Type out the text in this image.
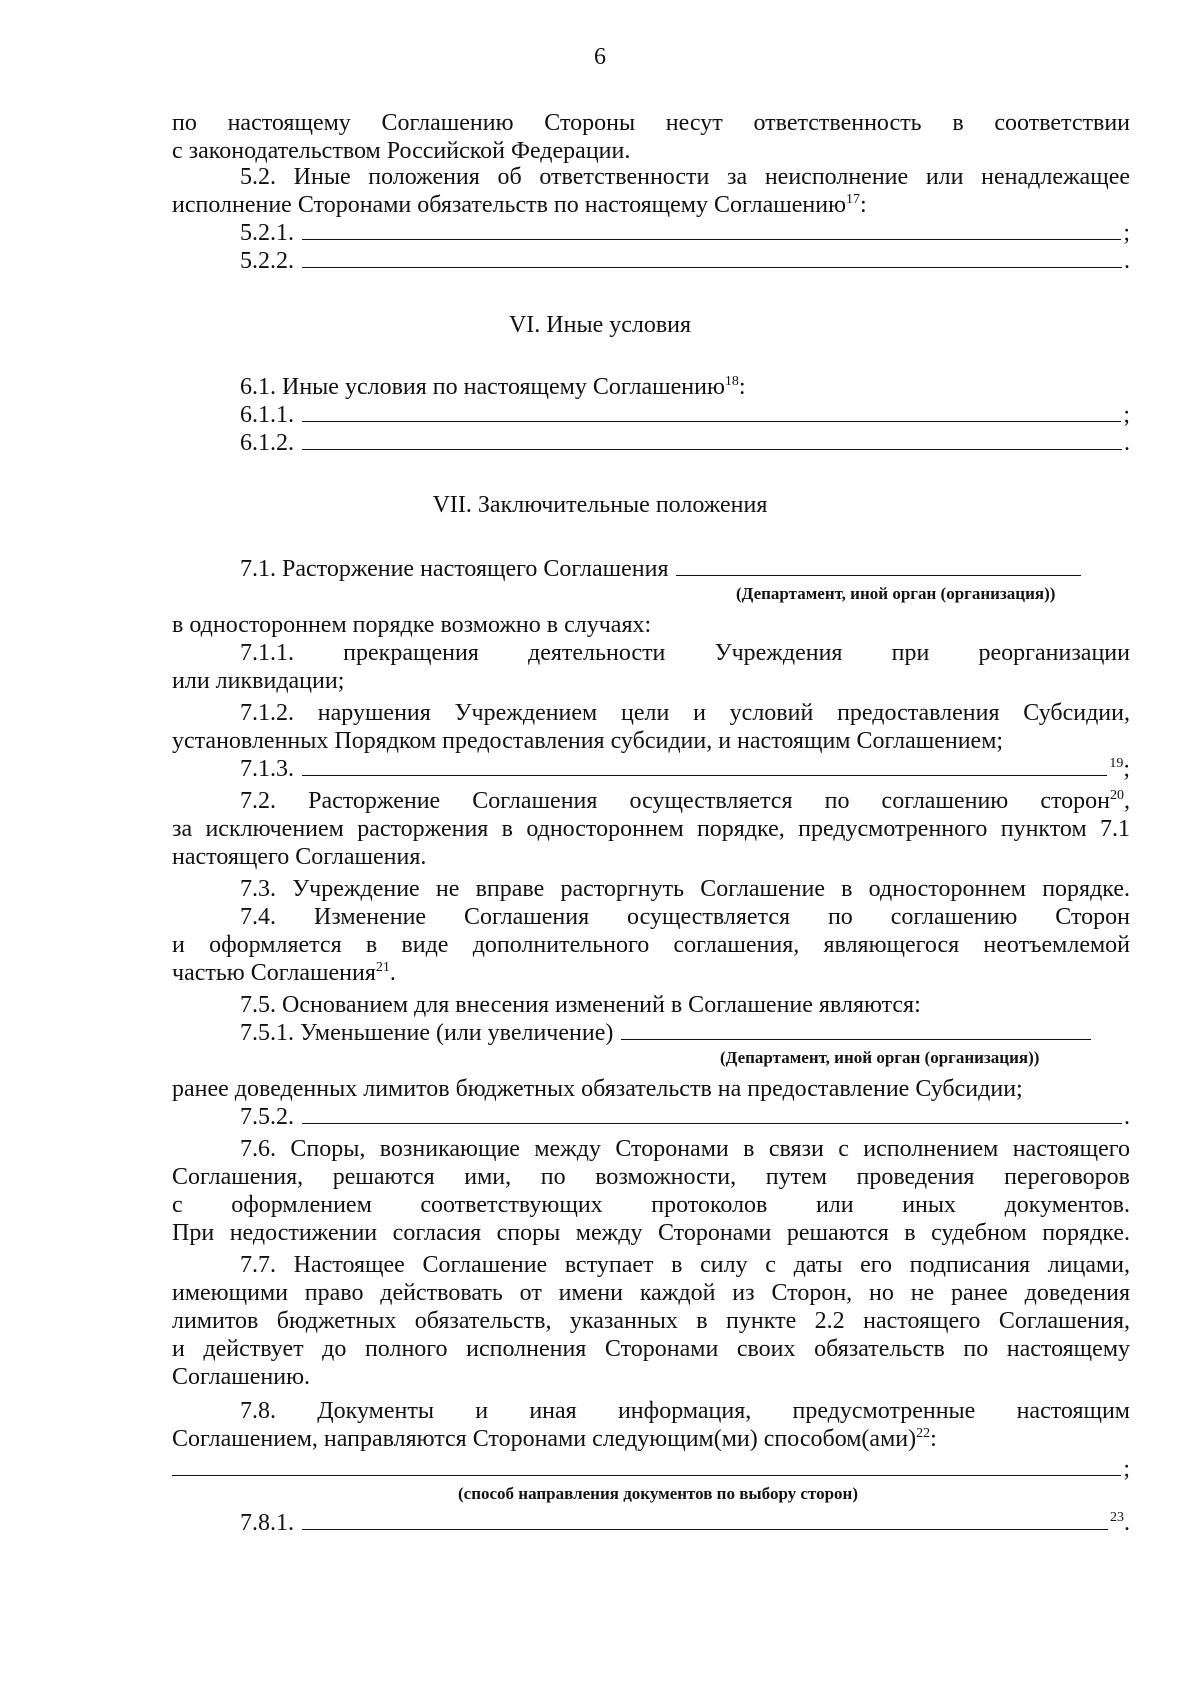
6
по настоящему Соглашению Стороны несут ответственность в соответствии
с законодательством Российской Федерации.
5.2. Иные положения об ответственности за неисполнение или ненадлежащее
исполнение Сторонами обязательств по настоящему Соглашению$^{17}$:
5.2.1.	;
5.2.2.	.
VI. Иные условия
6.1. Иные условия по настоящему Соглашению$^{18}$:
6.1.1.	;
6.1.2.	.
VII. Заключительные положения
7.1. Расторжение настоящего Соглашения
(Департамент, иной орган (организация))
в одностороннем порядке возможно в случаях:
7.1.1. прекращения деятельности Учреждения при реорганизации
или ликвидации;
7.1.2. нарушения Учреждением цели и условий предоставления Субсидии,
установленных Порядком предоставления субсидии, и настоящим Соглашением;
7.1.3.	$^{19}$;
7.2. Расторжение Соглашения осуществляется по соглашению сторон$^{20}$,
за исключением расторжения в одностороннем порядке, предусмотренного пунктом 7.1
настоящего Соглашения.
7.3. Учреждение не вправе расторгнуть Соглашение в одностороннем порядке.
7.4. Изменение Соглашения осуществляется по соглашению Сторон
и оформляется в виде дополнительного соглашения, являющегося неотъемлемой
частью Соглашения$^{21}$.
7.5. Основанием для внесения изменений в Соглашение являются:
7.5.1. Уменьшение (или увеличение)
(Департамент, иной орган (организация))
ранее доведенных лимитов бюджетных обязательств на предоставление Субсидии;
7.5.2.	.
7.6. Споры, возникающие между Сторонами в связи с исполнением настоящего
Соглашения, решаются ими, по возможности, путем проведения переговоров
с оформлением соответствующих протоколов или иных документов.
При недостижении согласия споры между Сторонами решаются в судебном порядке.
7.7. Настоящее Соглашение вступает в силу с даты его подписания лицами,
имеющими право действовать от имени каждой из Сторон, но не ранее доведения
лимитов бюджетных обязательств, указанных в пункте 2.2 настоящего Соглашения,
и действует до полного исполнения Сторонами своих обязательств по настоящему
Соглашению.
7.8. Документы и иная информация, предусмотренные настоящим
Соглашением, направляются Сторонами следующим(ми) способом(ами)$^{22}$:
;
(способ направления документов по выбору сторон)
7.8.1.	$^{23}$.
